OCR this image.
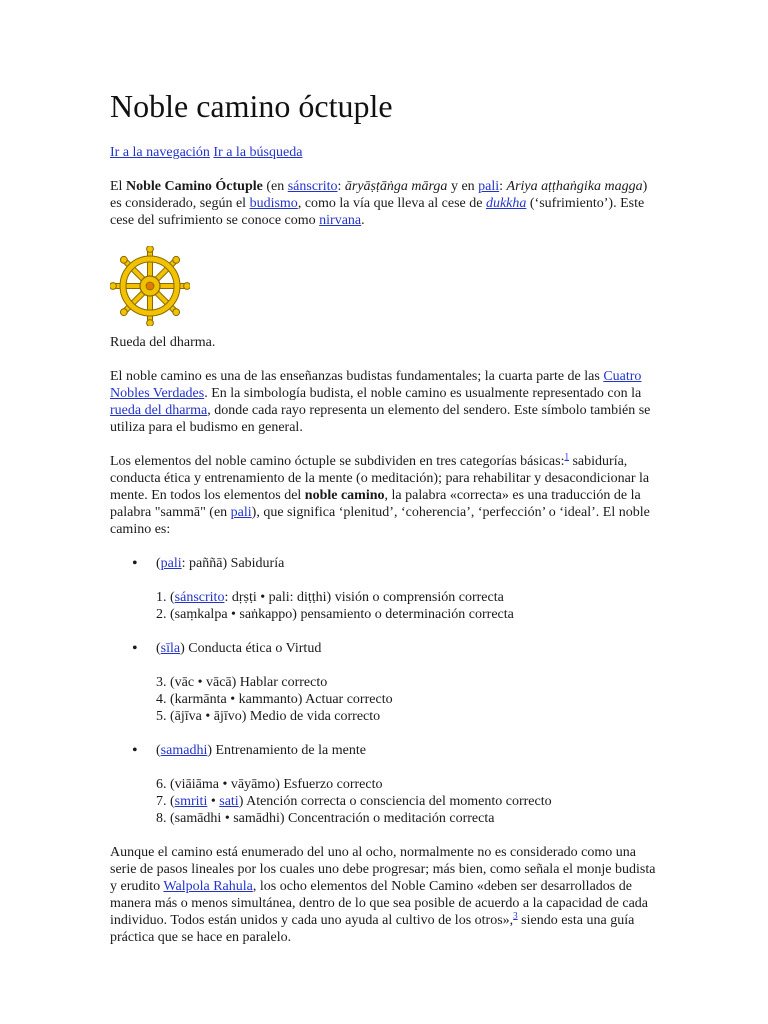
Noble camino óctuple
Ir a la navegación Ir a la búsqueda

El Noble Camino Óctuple (en sánscrito: āryāṣṭāṅga mārga y en pali: Ariya aṭṭhaṅgika magga) es considerado, según el budismo, como la vía que lleva al cese de dukkha (‘sufrimiento’). Este cese del sufrimiento se conoce como nirvana.

Rueda del dharma.

El noble camino es una de las enseñanzas budistas fundamentales; la cuarta parte de las Cuatro Nobles Verdades. En la simbología budista, el noble camino es usualmente representado con la rueda del dharma, donde cada rayo representa un elemento del sendero. Este símbolo también se utiliza para el budismo en general.

Los elementos del noble camino óctuple se subdividen en tres categorías básicas:$^1$ sabiduría, conducta ética y entrenamiento de la mente (o meditación); para rehabilitar y desacondicionar la mente. En todos los elementos del noble camino, la palabra «correcta» es una traducción de la palabra "sammā" (en pali), que significa ‘plenitud’, ‘coherencia’, ‘perfección’ o ‘ideal’. El noble camino es:

• (pali: paññā) Sabiduría
1. (sánscrito: dṛṣṭi • pali: diṭṭhi) visión o comprensión correcta
2. (saṃkalpa • saṅkappo) pensamiento o determinación correcta
• (sīla) Conducta ética o Virtud
3. (vāc • vācā) Hablar correcto
4. (karmānta • kammanto) Actuar correcto
5. (ājīva • ājīvo) Medio de vida correcto
• (samadhi) Entrenamiento de la mente
6. (viāiāma • vāyāmo) Esfuerzo correcto
7. (smriti • sati) Atención correcta o consciencia del momento correcto
8. (samādhi • samādhi) Concentración o meditación correcta

Aunque el camino está enumerado del uno al ocho, normalmente no es considerado como una serie de pasos lineales por los cuales uno debe progresar; más bien, como señala el monje budista y erudito Walpola Rahula, los ocho elementos del Noble Camino «deben ser desarrollados de manera más o menos simultánea, dentro de lo que sea posible de acuerdo a la capacidad de cada individuo. Todos están unidos y cada uno ayuda al cultivo de los otros»,$^3$ siendo esta una guía práctica que se hace en paralelo.
